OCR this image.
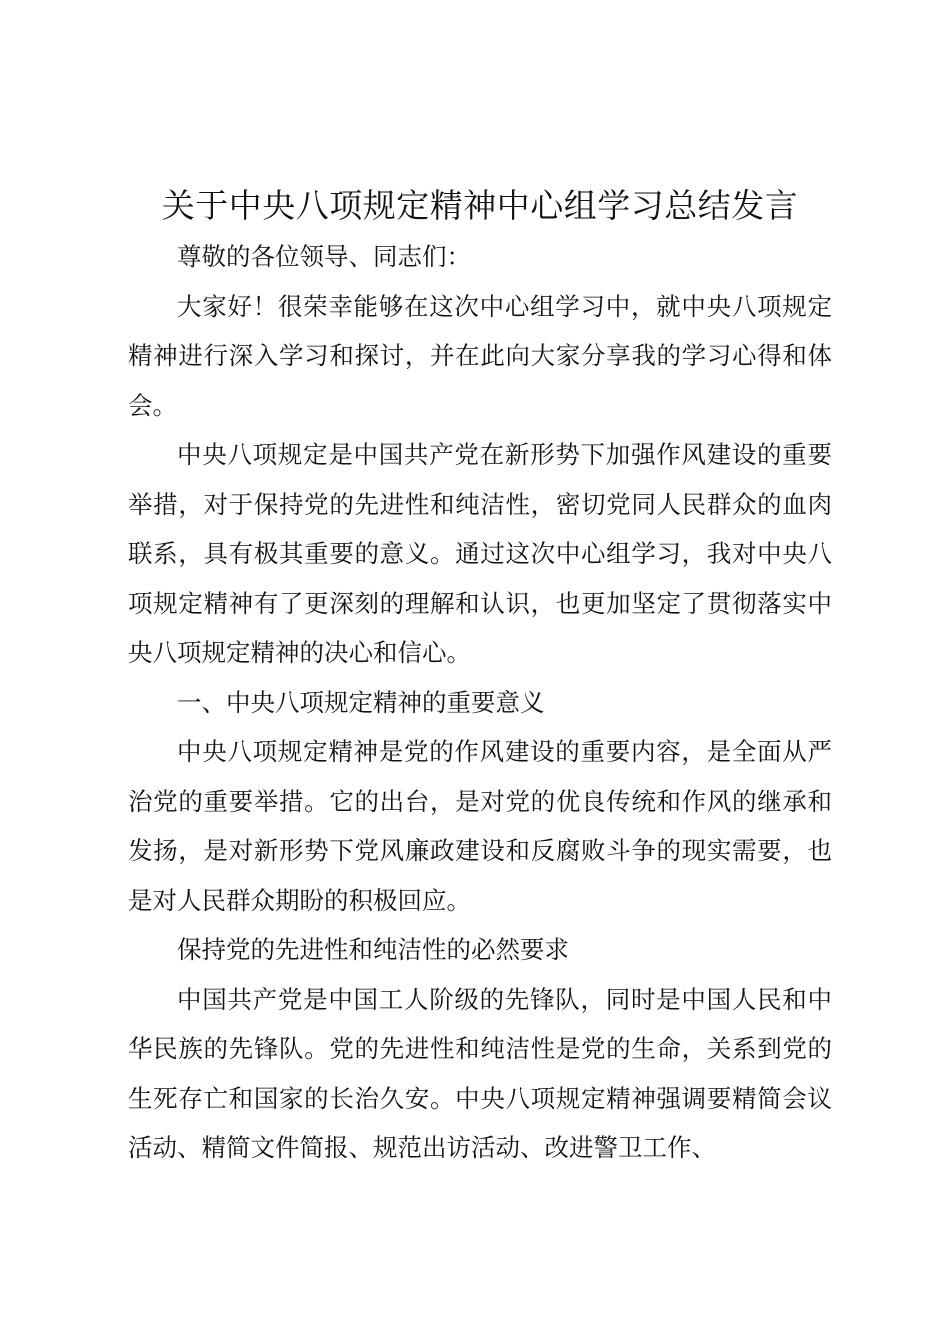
关于中央八项规定精神中心组学习总结发言

尊敬的各位领导、同志们：

大家好！很荣幸能够在这次中心组学习中，就中央八项规定精神进行深入学习和探讨，并在此向大家分享我的学习心得和体会。

中央八项规定是中国共产党在新形势下加强作风建设的重要举措，对于保持党的先进性和纯洁性，密切党同人民群众的血肉联系，具有极其重要的意义。通过这次中心组学习，我对中央八项规定精神有了更深刻的理解和认识，也更加坚定了贯彻落实中央八项规定精神的决心和信心。

一、中央八项规定精神的重要意义

中央八项规定精神是党的作风建设的重要内容，是全面从严治党的重要举措。它的出台，是对党的优良传统和作风的继承和发扬，是对新形势下党风廉政建设和反腐败斗争的现实需要，也是对人民群众期盼的积极回应。

保持党的先进性和纯洁性的必然要求

中国共产党是中国工人阶级的先锋队，同时是中国人民和中华民族的先锋队。党的先进性和纯洁性是党的生命，关系到党的生死存亡和国家的长治久安。中央八项规定精神强调要精简会议活动、精简文件简报、规范出访活动、改进警卫工作、
